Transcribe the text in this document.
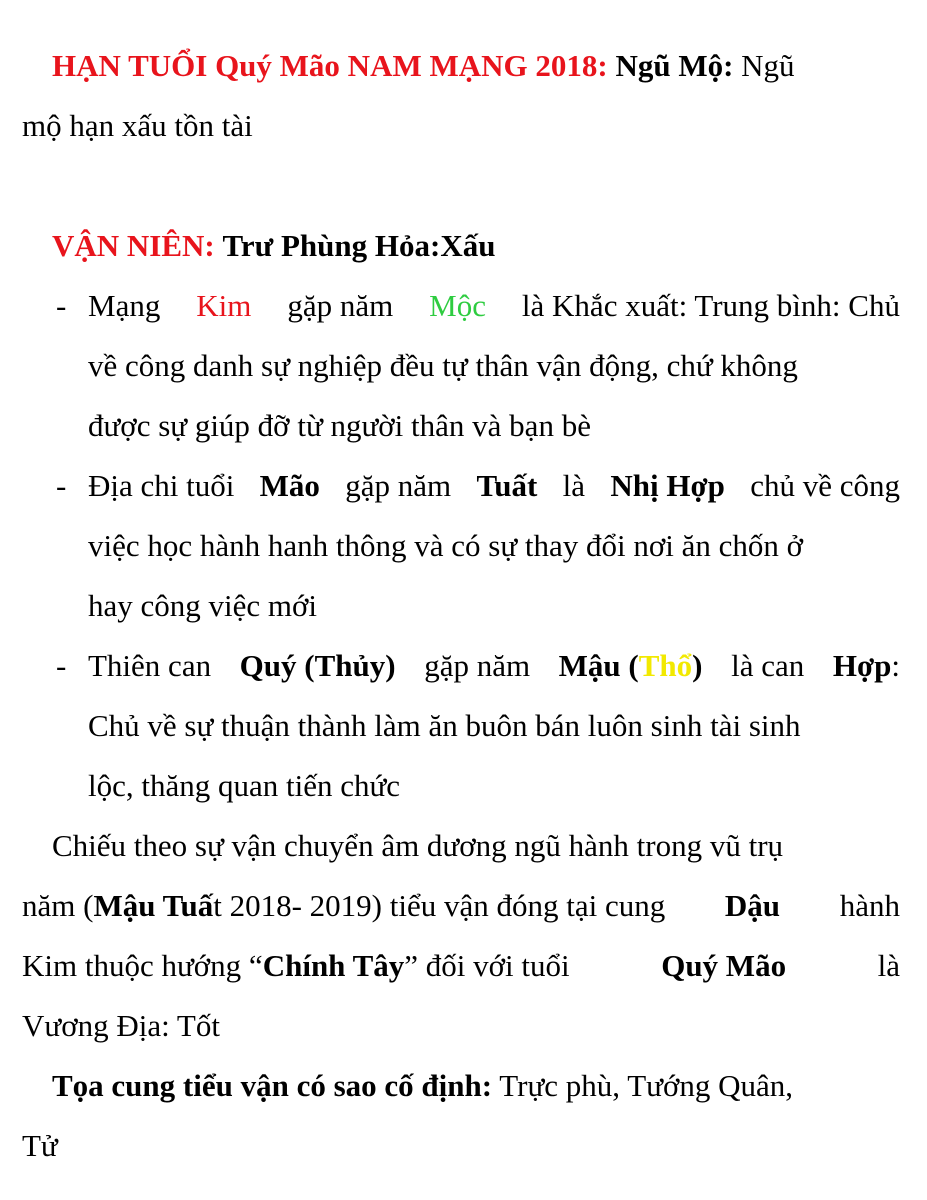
HẠN TUỔI Quý Mão NAM MẠNG 2018: Ngũ Mộ: Ngũ
mộ hạn xấu tồn tài
VẬN NIÊN: Trư Phùng Hỏa:Xấu
- Mạng Kim gặp năm Mộc là Khắc xuất: Trung bình: Chủ
về công danh sự nghiệp đều tự thân vận động, chứ không
được sự giúp đỡ từ người thân và bạn bè
- Địa chi tuổi Mão gặp năm Tuất là Nhị Hợp chủ về công
việc học hành hanh thông và có sự thay đổi nơi ăn chốn ở
hay công việc mới
- Thiên can Quý (Thủy) gặp năm Mậu (Thổ) là can Hợp:
Chủ về sự thuận thành làm ăn buôn bán luôn sinh tài sinh
lộc, thăng quan tiến chức
Chiếu theo sự vận chuyển âm dương ngũ hành trong vũ trụ
năm (Mậu Tuất 2018- 2019) tiểu vận đóng tại cung Dậu hành
Kim thuộc hướng “Chính Tây” đối với tuổi	Quý Mão	là
Vương Địa: Tốt
Tọa cung tiểu vận có sao cố định: Trực phù, Tướng Quân,
Tử
